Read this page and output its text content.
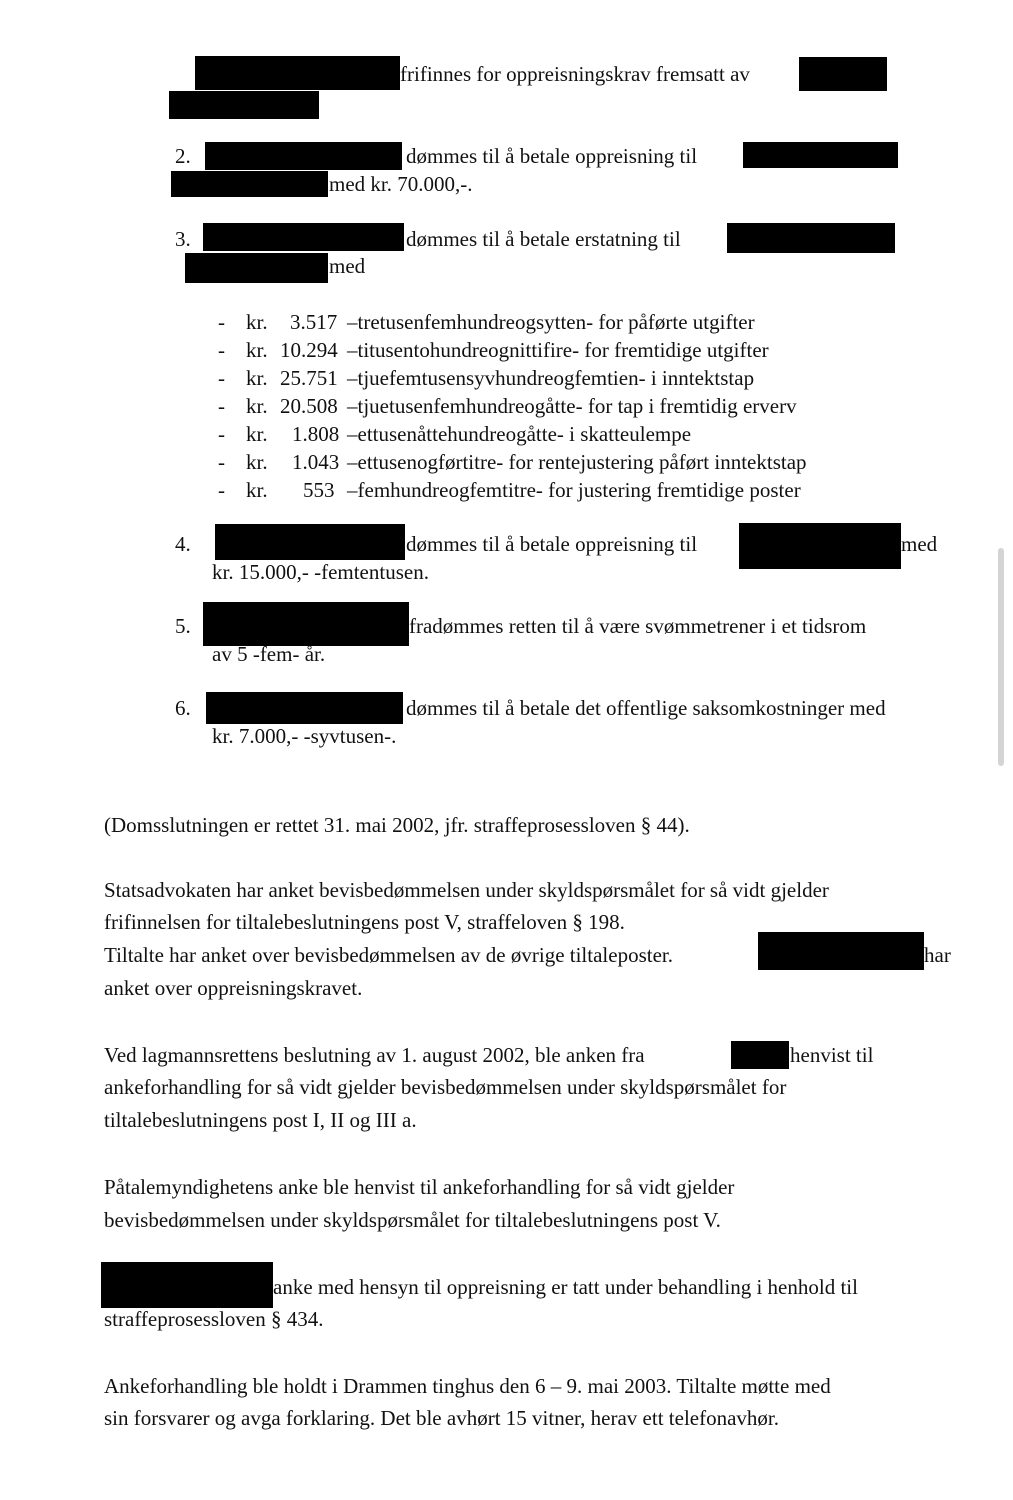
frifinnes for oppreisningskrav fremsatt av
2.	dømmes til å betale oppreisning til
med kr. 70.000,-.
3.	dømmes til å betale erstatning til
med
- kr. 3.517 –tretusenfemhundreogsytten- for påførte utgifter
- kr. 10.294 –titusentohundreognittifire- for fremtidige utgifter
- kr. 25.751 –tjuefemtusensyvhundreogfemtien- i inntektstap
- kr. 20.508 –tjuetusenfemhundreogåtte- for tap i fremtidig erverv
- kr. 1.808 –ettusenåttehundreogåtte- i skatteulempe
- kr. 1.043 –ettusenogførtitre- for rentejustering påført inntektstap
- kr. 553 –femhundreogfemtitre- for justering fremtidige poster
4.	dømmes til å betale oppreisning til	med
kr. 15.000,- -femtentusen.
5.	fradømmes retten til å være svømmetrener i et tidsrom
av 5 -fem- år.
6.	dømmes til å betale det offentlige saksomkostninger med
kr. 7.000,- -syvtusen-.
(Domsslutningen er rettet 31. mai 2002, jfr. straffeprosessloven § 44).
Statsadvokaten har anket bevisbedømmelsen under skyldspørsmålet for så vidt gjelder
frifinnelsen for tiltalebeslutningens post V, straffeloven § 198.
Tiltalte har anket over bevisbedømmelsen av de øvrige tiltaleposter.	har
anket over oppreisningskravet.
Ved lagmannsrettens beslutning av 1. august 2002, ble anken fra	henvist til
ankeforhandling for så vidt gjelder bevisbedømmelsen under skyldspørsmålet for
tiltalebeslutningens post I, II og III a.
Påtalemyndighetens anke ble henvist til ankeforhandling for så vidt gjelder
bevisbedømmelsen under skyldspørsmålet for tiltalebeslutningens post V.
anke med hensyn til oppreisning er tatt under behandling i henhold til
straffeprosessloven § 434.
Ankeforhandling ble holdt i Drammen tinghus den 6 – 9. mai 2003. Tiltalte møtte med
sin forsvarer og avga forklaring. Det ble avhørt 15 vitner, herav ett telefonavhør.
